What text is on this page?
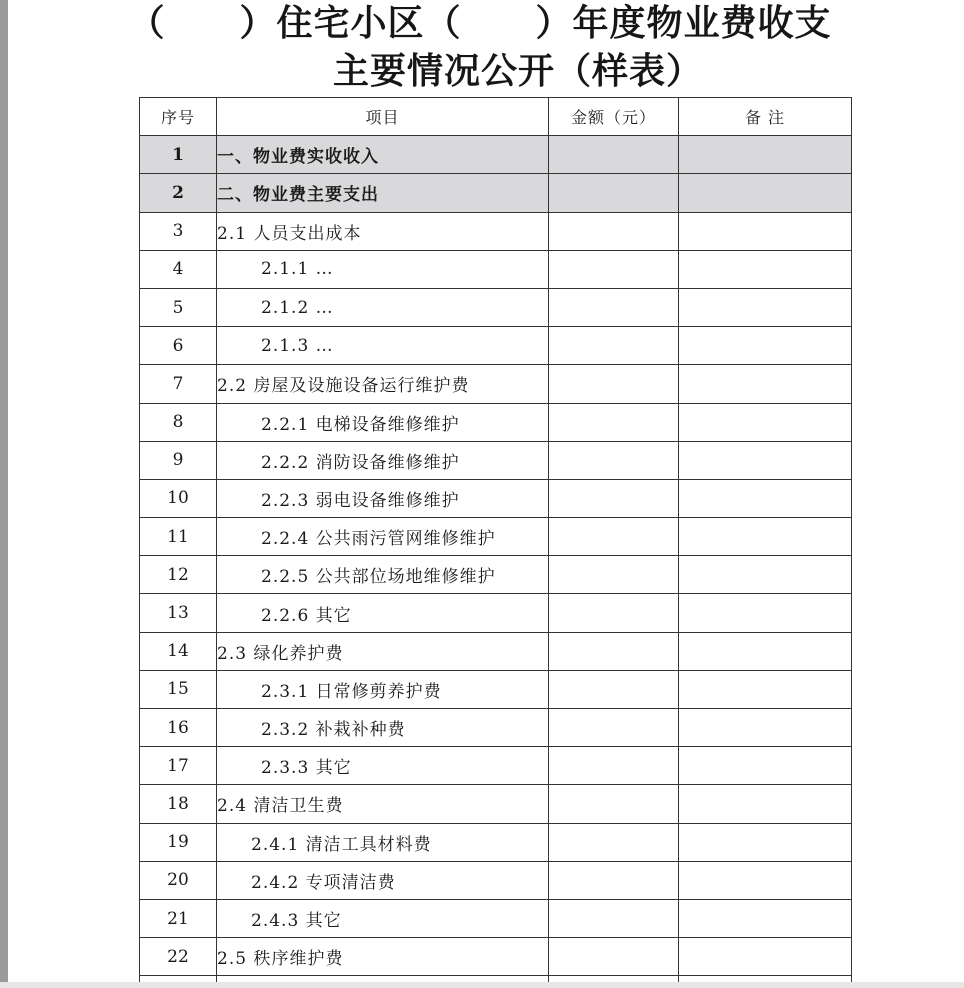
（　　）住宅小区（　　）年度物业费收支
主要情况公开（样表）
序号	项目	金额（元）	备 注
1	一、物业费实收收入		
2	二、物业费主要支出		
3	2.1 人员支出成本		
4	2.1.1 …		
5	2.1.2 …		
6	2.1.3 …		
7	2.2 房屋及设施设备运行维护费		
8	2.2.1 电梯设备维修维护		
9	2.2.2 消防设备维修维护		
10	2.2.3 弱电设备维修维护		
11	2.2.4 公共雨污管网维修维护		
12	2.2.5 公共部位场地维修维护		
13	2.2.6 其它		
14	2.3 绿化养护费		
15	2.3.1 日常修剪养护费		
16	2.3.2 补栽补种费		
17	2.3.3 其它		
18	2.4 清洁卫生费		
19	2.4.1 清洁工具材料费		
20	2.4.2 专项清洁费		
21	2.4.3 其它		
22	2.5 秩序维护费		
